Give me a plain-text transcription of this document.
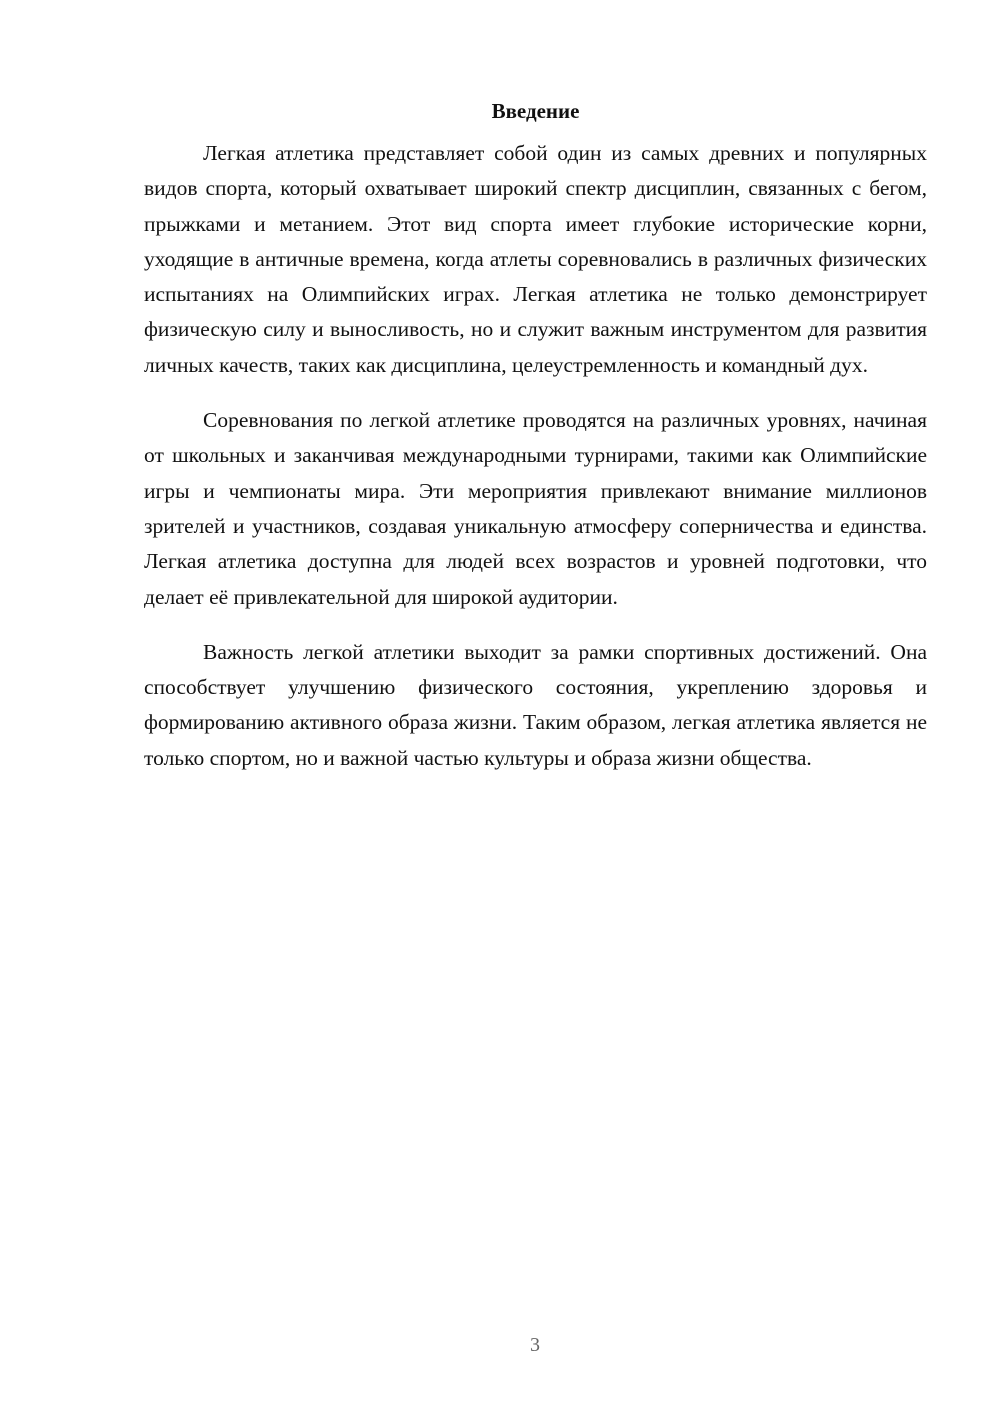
Введение

Легкая атлетика представляет собой один из самых древних и популярных видов спорта, который охватывает широкий спектр дисциплин, связанных с бегом, прыжками и метанием. Этот вид спорта имеет глубокие исторические корни, уходящие в античные времена, когда атлеты соревновались в различных физических испытаниях на Олимпийских играх. Легкая атлетика не только демонстрирует физическую силу и выносливость, но и служит важным инструментом для развития личных качеств, таких как дисциплина, целеустремленность и командный дух.

Соревнования по легкой атлетике проводятся на различных уровнях, начиная от школьных и заканчивая международными турнирами, такими как Олимпийские игры и чемпионаты мира. Эти мероприятия привлекают внимание миллионов зрителей и участников, создавая уникальную атмосферу соперничества и единства. Легкая атлетика доступна для людей всех возрастов и уровней подготовки, что делает её привлекательной для широкой аудитории.

Важность легкой атлетики выходит за рамки спортивных достижений. Она способствует улучшению физического состояния, укреплению здоровья и формированию активного образа жизни. Таким образом, легкая атлетика является не только спортом, но и важной частью культуры и образа жизни общества.

3
